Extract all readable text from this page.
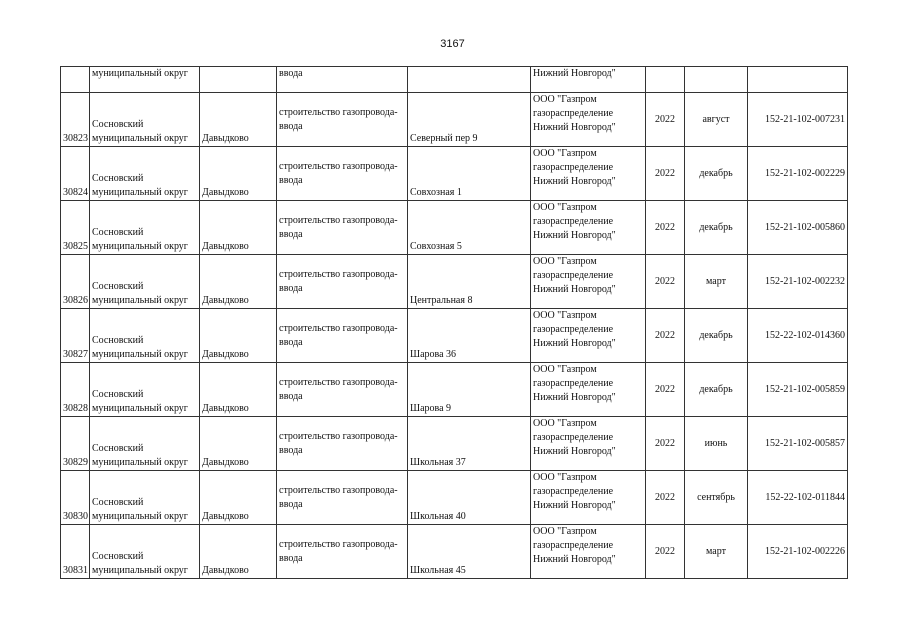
3167
	муниципальный округ		ввода		Нижний Новгород"			
30823	Сосновский
муниципальный округ	Давыдково	строительство газопровода-
ввода	Северный пер 9	ООО "Газпром
газораспределение
Нижний Новгород"	2022	август	152-21-102-007231
30824	Сосновский
муниципальный округ	Давыдково	строительство газопровода-
ввода	Совхозная 1	ООО "Газпром
газораспределение
Нижний Новгород"	2022	декабрь	152-21-102-002229
30825	Сосновский
муниципальный округ	Давыдково	строительство газопровода-
ввода	Совхозная 5	ООО "Газпром
газораспределение
Нижний Новгород"	2022	декабрь	152-21-102-005860
30826	Сосновский
муниципальный округ	Давыдково	строительство газопровода-
ввода	Центральная 8	ООО "Газпром
газораспределение
Нижний Новгород"	2022	март	152-21-102-002232
30827	Сосновский
муниципальный округ	Давыдково	строительство газопровода-
ввода	Шарова 36	ООО "Газпром
газораспределение
Нижний Новгород"	2022	декабрь	152-22-102-014360
30828	Сосновский
муниципальный округ	Давыдково	строительство газопровода-
ввода	Шарова 9	ООО "Газпром
газораспределение
Нижний Новгород"	2022	декабрь	152-21-102-005859
30829	Сосновский
муниципальный округ	Давыдково	строительство газопровода-
ввода	Школьная 37	ООО "Газпром
газораспределение
Нижний Новгород"	2022	июнь	152-21-102-005857
30830	Сосновский
муниципальный округ	Давыдково	строительство газопровода-
ввода	Школьная 40	ООО "Газпром
газораспределение
Нижний Новгород"	2022	сентябрь	152-22-102-011844
30831	Сосновский
муниципальный округ	Давыдково	строительство газопровода-
ввода	Школьная 45	ООО "Газпром
газораспределение
Нижний Новгород"	2022	март	152-21-102-002226
